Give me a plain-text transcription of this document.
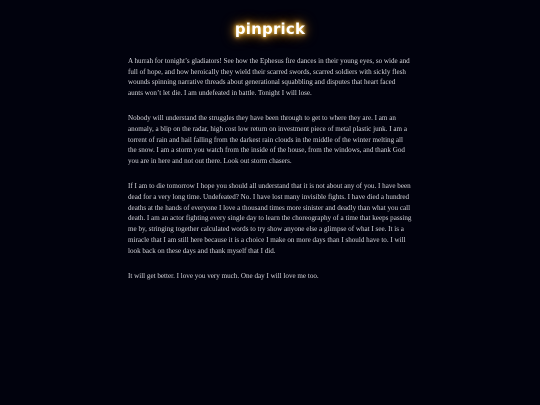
pinprick

A hurrah for tonight’s gladiators! See how the Ephesus fire dances in their young eyes, so wide and full of hope, and how heroically they wield their scarred swords, scarred soldiers with sickly flesh wounds spinning narrative threads about generational squabbling and disputes that heart faced aunts won’t let die. I am undefeated in battle. Tonight I will lose.

Nobody will understand the struggles they have been through to get to where they are. I am an anomaly, a blip on the radar, high cost low return on investment piece of metal plastic junk. I am a torrent of rain and hail falling from the darkest rain clouds in the middle of the winter melting all the snow. I am a storm you watch from the inside of the house, from the windows, and thank God you are in here and not out there. Look out storm chasers.

If I am to die tomorrow I hope you should all understand that it is not about any of you. I have been dead for a very long time. Undefeated? No. I have lost many invisible fights. I have died a hundred deaths at the hands of everyone I love a thousand times more sinister and deadly than what you call death. I am an actor fighting every single day to learn the choreography of a time that keeps passing me by, stringing together calculated words to try show anyone else a glimpse of what I see. It is a miracle that I am still here because it is a choice I make on more days than I should have to. I will look back on these days and thank myself that I did.

It will get better. I love you very much. One day I will love me too.
